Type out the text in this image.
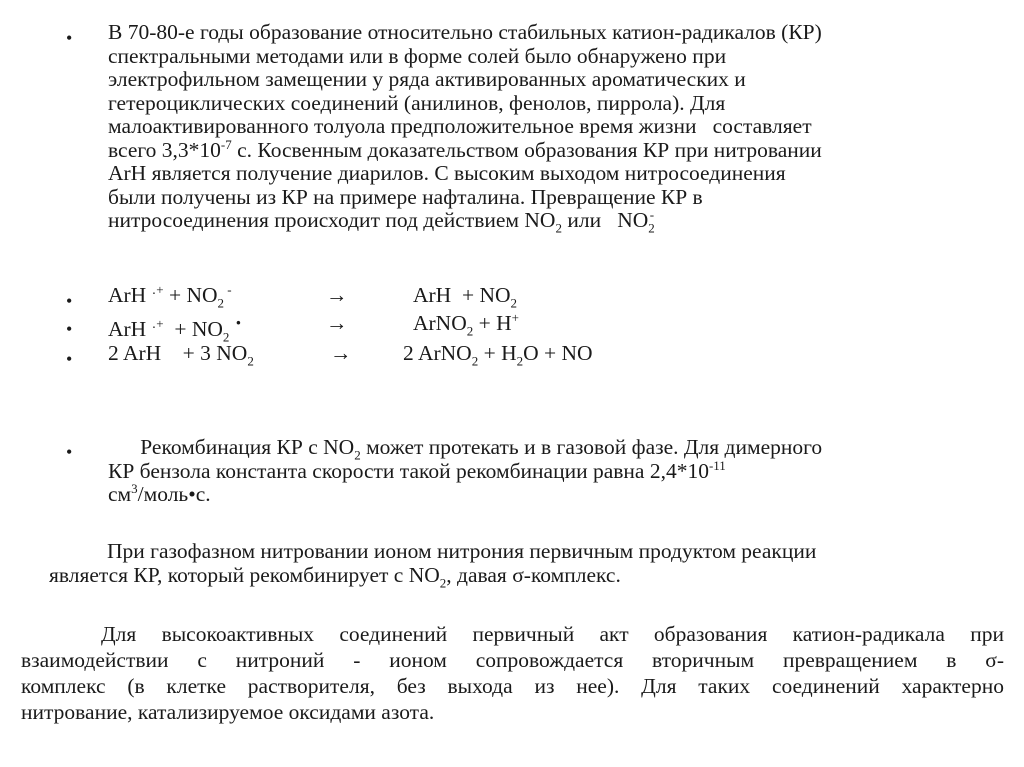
• В 70-80-е годы образование относительно стабильных катион-радикалов (КР)
спектральными методами или в форме солей было обнаружено при
электрофильном замещении у ряда активированных ароматических и
гетероциклических соединений (анилинов, фенолов, пиррола). Для
малоактивированного толуола предположительное время жизни   составляет
всего $3,3*10^{-7}$ с. Косвенным доказательством образования КР при нитровании
ArH является получение диарилов. С высоким выходом нитросоединения
были получены из КР на примере нафталина. Превращение КР в
нитросоединения происходит под действием $NO_2$ или   $NO_2^-$
• ArH $\cdot^+ + NO_2$ -	→	ArH  + $NO_2$
• ArH $\cdot^+ + NO_2$ ·	→	ArNO$_2$ + H+
• 2 ArH    + 3 $NO_2$	→ 2 ArNO$_2$ + $H_2O$ + NO
• Рекомбинация КР с $NO_2$ может протекать и в газовой фазе. Для димерного
КР бензола константа скорости такой рекомбинации равна $2,4*10^{-11}$
$см^3/моль•с$.
При газофазном нитровании ионом нитрония первичным продуктом реакции
является КР, который рекомбинирует с $NO_2$, давая σ-комплекс.
Для высокоактивных соединений первичный акт образования катион-радикала при
взаимодействии с нитроний - ионом сопровождается вторичным превращением в σ-
комплекс (в клетке растворителя, без выхода из нее). Для таких соединений характерно
нитрование, катализируемое оксидами азота.
